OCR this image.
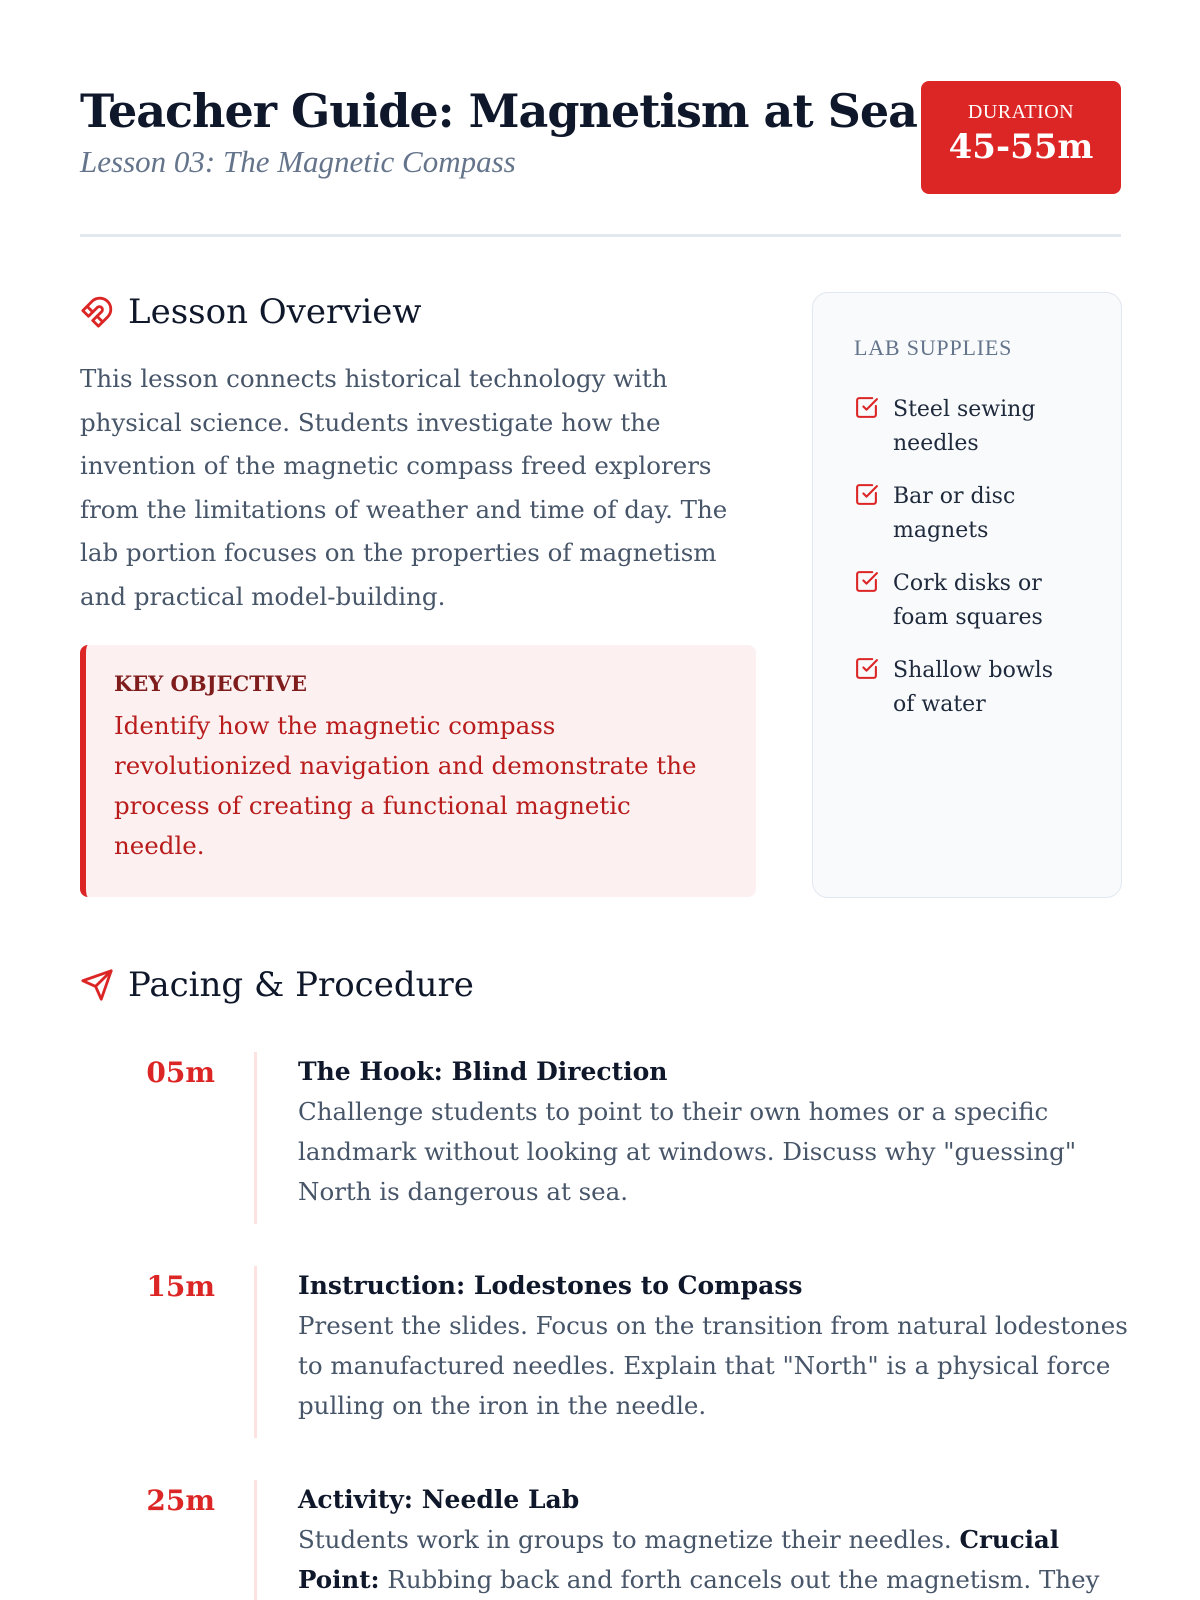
Teacher Guide: Magnetism at Sea
Lesson 03: The Magnetic Compass
DURATION
45-55m
Lesson Overview

This lesson connects historical technology with physical science. Students investigate how the invention of the magnetic compass freed explorers from the limitations of weather and time of day. The lab portion focuses on the properties of magnetism and practical model-building.

KEY OBJECTIVE
Identify how the magnetic compass revolutionized navigation and demonstrate the process of creating a functional magnetic needle.
LAB SUPPLIES
Steel sewing needles
Bar or disc magnets
Cork disks or foam squares
Shallow bowls of water
Pacing & Procedure
05m	The Hook: Blind Direction
Challenge students to point to their own homes or a specific landmark without looking at windows. Discuss why "guessing" North is dangerous at sea.
15m	Instruction: Lodestones to Compass
Present the slides. Focus on the transition from natural lodestones to manufactured needles. Explain that "North" is a physical force pulling on the iron in the needle.
25m	Activity: Needle Lab
Students work in groups to magnetize their needles. Crucial Point: Rubbing back and forth cancels out the magnetism. They
